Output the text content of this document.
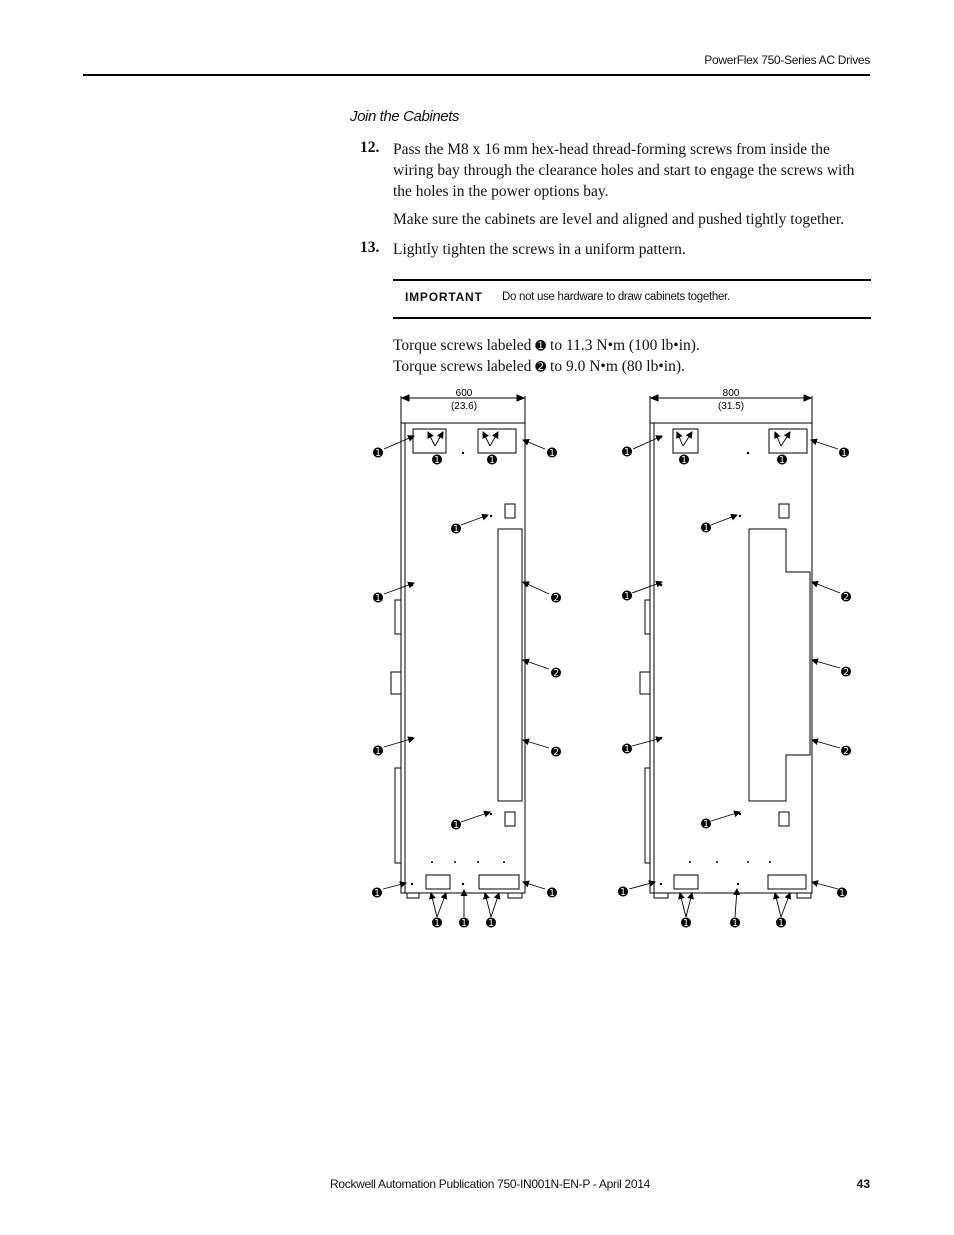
PowerFlex 750-Series AC Drives
Join the Cabinets
12. Pass the M8 x 16 mm hex-head thread-forming screws from inside the wiring bay through the clearance holes and start to engage the screws with the holes in the power options bay.
Make sure the cabinets are level and aligned and pushed tightly together.
13. Lightly tighten the screws in a uniform pattern.
IMPORTANT Do not use hardware to draw cabinets together.
Torque screws labeled ➊ to 11.3 N•m (100 lb•in).
Torque screws labeled ➋ to 9.0 N•m (80 lb•in).
600
(23.6)
800
(31.5)
➊	➊	➊	➊
➊
➊	➋
➋
➊	➋
➊
➊	➊
➊ ➊ ➊
➊
➊	➊	➊
➊
➊	➋
➋
➊	➋
➊
➊	➊
➊	➊	➊
Rockwell Automation Publication 750-IN001N-EN-P - April 2014	43
